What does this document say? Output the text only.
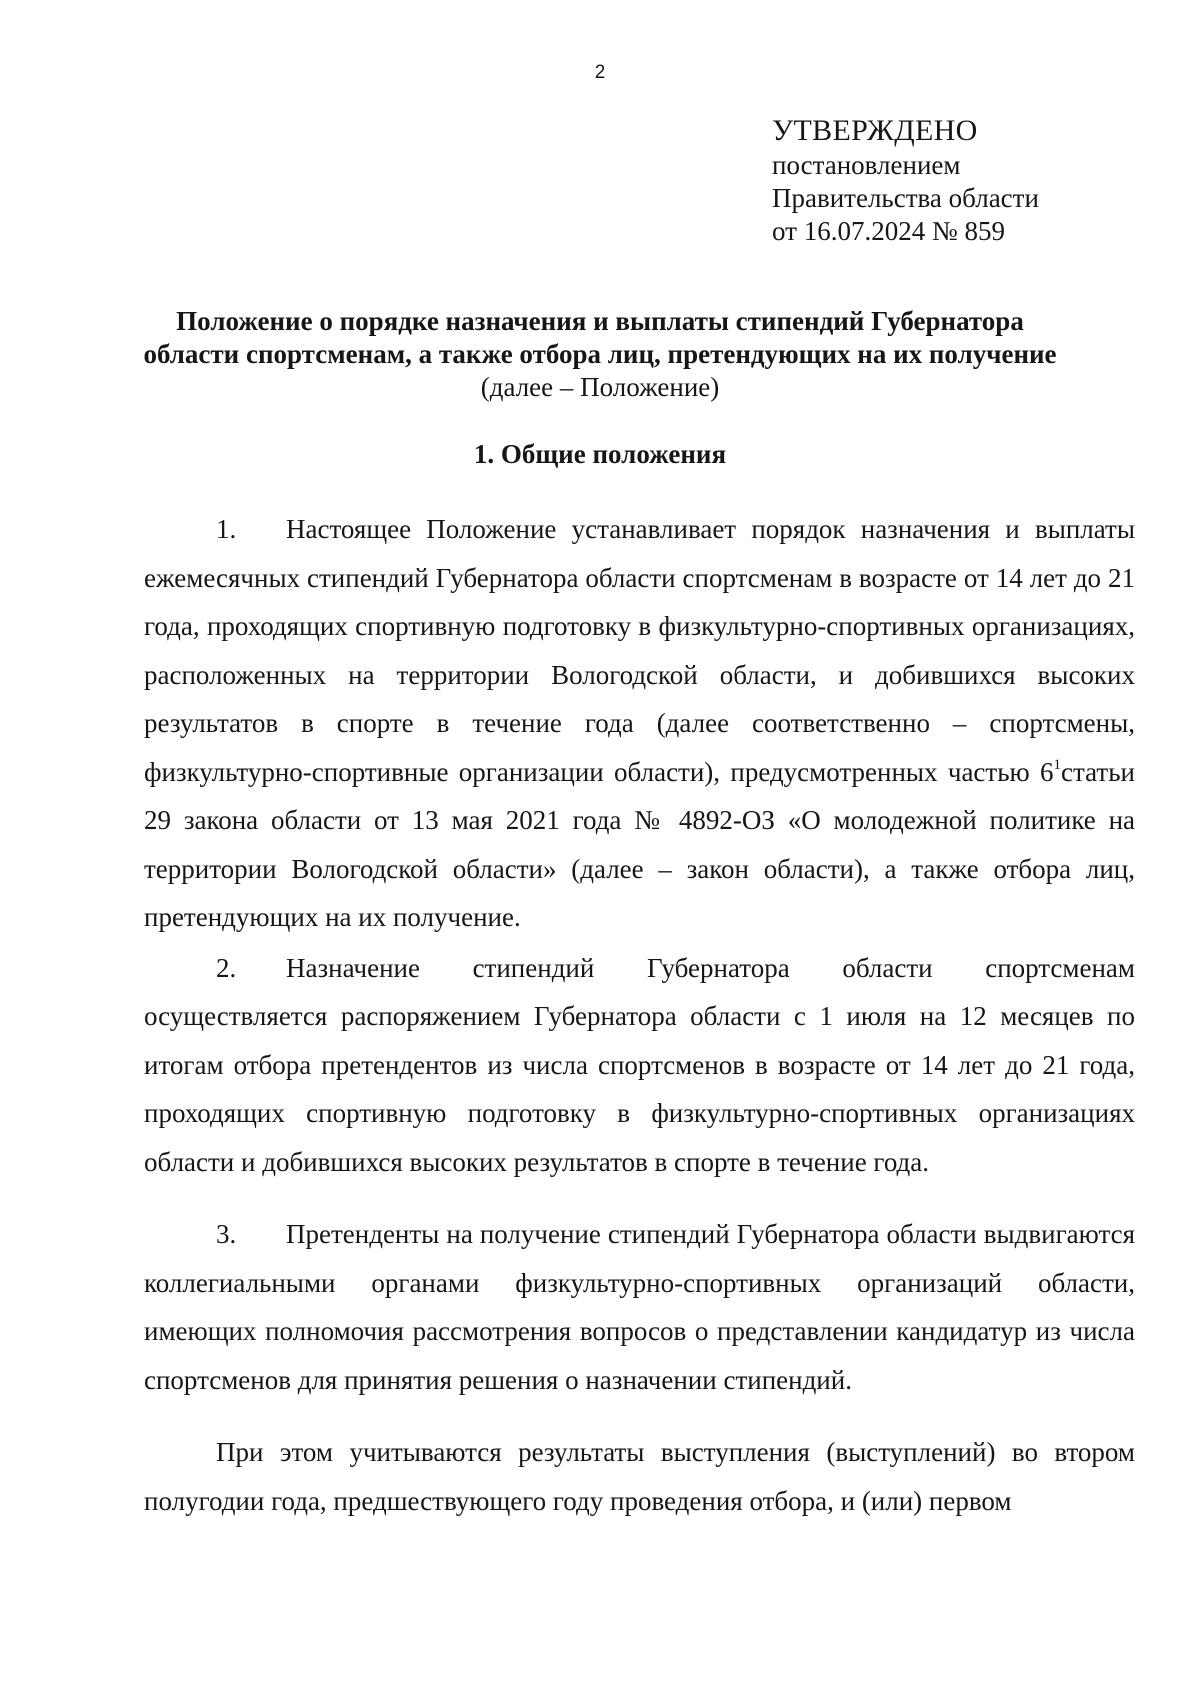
2
УТВЕРЖДЕНО
постановлением
Правительства области
от 16.07.2024 № 859
Положение о порядке назначения и выплаты стипендий Губернатора
области спортсменам, а также отбора лиц, претендующих на их получение
(далее – Положение)
1. Общие положения

1. Настоящее Положение устанавливает порядок назначения и выплаты ежемесячных стипендий Губернатора области спортсменам в возрасте от 14 лет до 21 года, проходящих спортивную подготовку в физкультурно-спортивных организациях, расположенных на территории Вологодской области, и добившихся высоких результатов в спорте в течение года (далее соответственно – спортсмены, физкультурно-спортивные организации области), предусмотренных частью $6^1статьи$ 29 закона области от 13 мая 2021 года № 4892-ОЗ «О молодежной политике на территории Вологодской области» (далее – закон области), а также отбора лиц, претендующих на их получение.

2. Назначение стипендий Губернатора области спортсменам осуществляется распоряжением Губернатора области с 1 июля на 12 месяцев по итогам отбора претендентов из числа спортсменов в возрасте от 14 лет до 21 года, проходящих спортивную подготовку в физкультурно-спортивных организациях области и добившихся высоких результатов в спорте в течение года.

3. Претенденты на получение стипендий Губернатора области выдвигаются коллегиальными органами физкультурно-спортивных организаций области, имеющих полномочия рассмотрения вопросов о представлении кандидатур из числа спортсменов для принятия решения о назначении стипендий.

При этом учитываются результаты выступления (выступлений) во втором полугодии года, предшествующего году проведения отбора, и (или) первом
